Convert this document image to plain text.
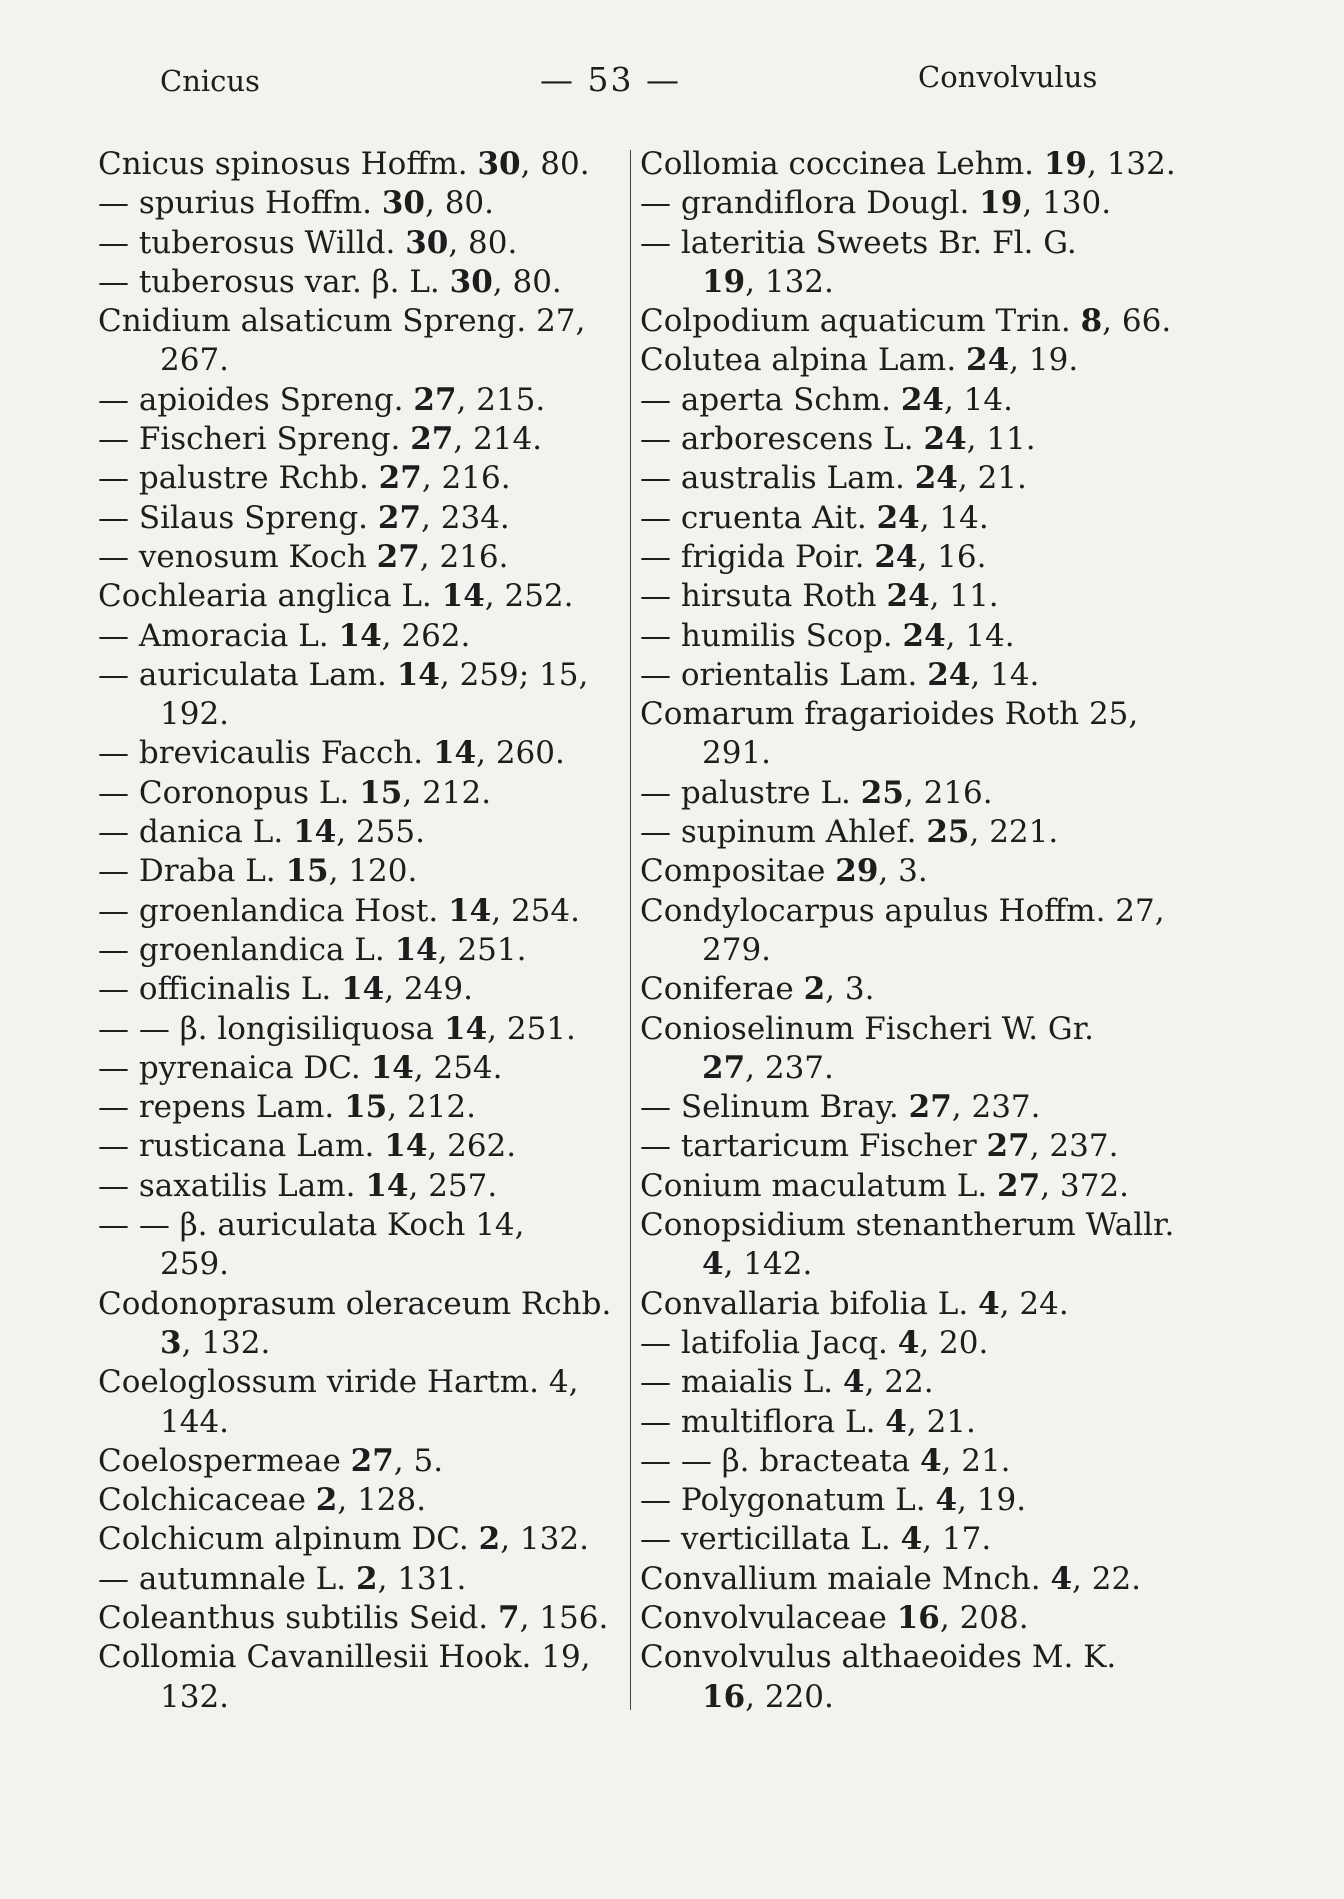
Cnicus	— 53 —	Convolvulus
Cnicus spinosus Hoffm. 30, 80.
— spurius Hoffm. 30, 80.
— tuberosus Willd. 30, 80.
— tuberosus var. β. L. 30, 80.
Cnidium alsaticum Spreng. 27,
267.
— apioides Spreng. 27, 215.
— Fischeri Spreng. 27, 214.
— palustre Rchb. 27, 216.
— Silaus Spreng. 27, 234.
— venosum Koch 27, 216.
Cochlearia anglica L. 14, 252.
— Amoracia L. 14, 262.
— auriculata Lam. 14, 259; 15,
192.
— brevicaulis Facch. 14, 260.
— Coronopus L. 15, 212.
— danica L. 14, 255.
— Draba L. 15, 120.
— groenlandica Host. 14, 254.
— groenlandica L. 14, 251.
— officinalis L. 14, 249.
— — β. longisiliquosa 14, 251.
— pyrenaica DC. 14, 254.
— repens Lam. 15, 212.
— rusticana Lam. 14, 262.
— saxatilis Lam. 14, 257.
— — β. auriculata Koch 14,
259.
Codonoprasum oleraceum Rchb.
3, 132.
Coeloglossum viride Hartm. 4,
144.
Coelospermeae 27, 5.
Colchicaceae 2, 128.
Colchicum alpinum DC. 2, 132.
— autumnale L. 2, 131.
Coleanthus subtilis Seid. 7, 156.
Collomia Cavanillesii Hook. 19,
132.
Collomia coccinea Lehm. 19, 132.
— grandiflora Dougl. 19, 130.
— lateritia Sweets Br. Fl. G.
19, 132.
Colpodium aquaticum Trin. 8, 66.
Colutea alpina Lam. 24, 19.
— aperta Schm. 24, 14.
— arborescens L. 24, 11.
— australis Lam. 24, 21.
— cruenta Ait. 24, 14.
— frigida Poir. 24, 16.
— hirsuta Roth 24, 11.
— humilis Scop. 24, 14.
— orientalis Lam. 24, 14.
Comarum fragarioides Roth 25,
291.
— palustre L. 25, 216.
— supinum Ahlef. 25, 221.
Compositae 29, 3.
Condylocarpus apulus Hoffm. 27,
279.
Coniferae 2, 3.
Conioselinum Fischeri W. Gr.
27, 237.
— Selinum Bray. 27, 237.
— tartaricum Fischer 27, 237.
Conium maculatum L. 27, 372.
Conopsidium stenantherum Wallr.
4, 142.
Convallaria bifolia L. 4, 24.
— latifolia Jacq. 4, 20.
— maialis L. 4, 22.
— multiflora L. 4, 21.
— — β. bracteata 4, 21.
— Polygonatum L. 4, 19.
— verticillata L. 4, 17.
Convallium maiale Mnch. 4, 22.
Convolvulaceae 16, 208.
Convolvulus althaeoides M. K.
16, 220.
